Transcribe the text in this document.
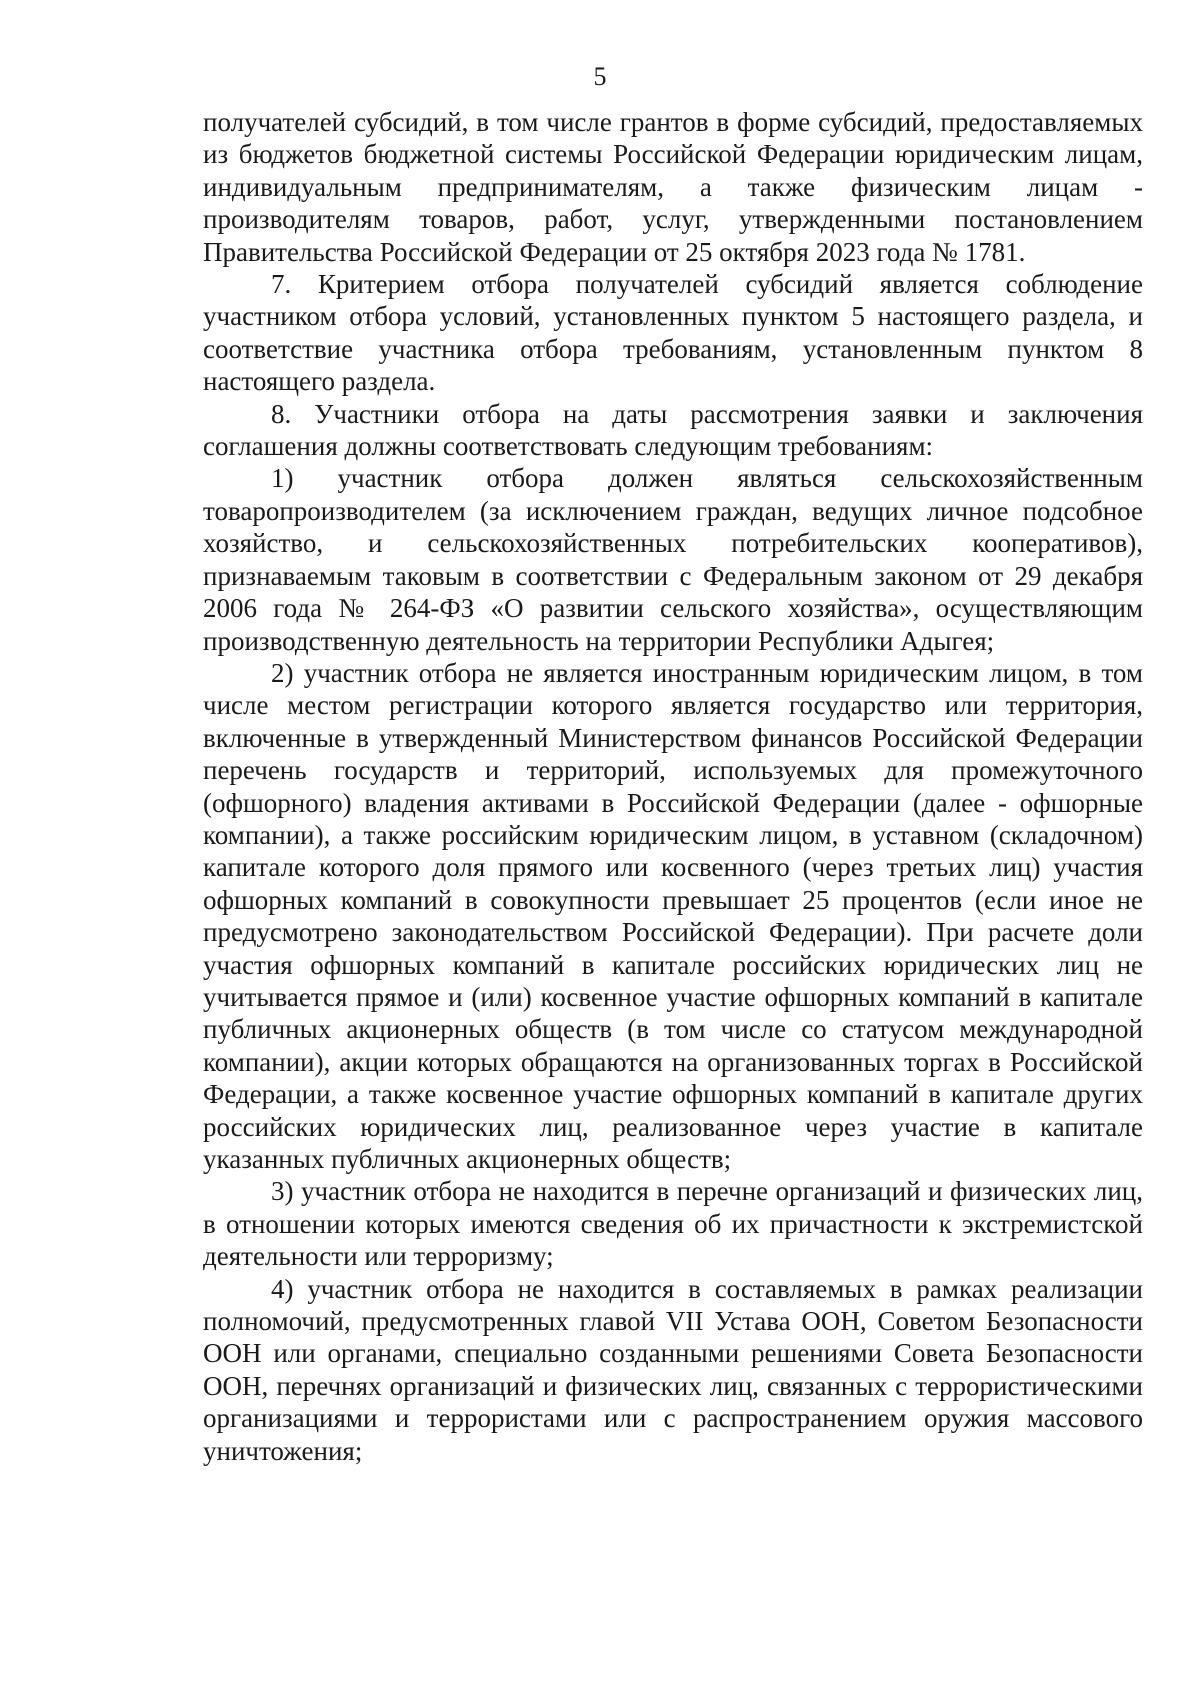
5

получателей субсидий, в том числе грантов в форме субсидий, предоставляемых из бюджетов бюджетной системы Российской Федерации юридическим лицам, индивидуальным предпринимателям, а также физическим лицам - производителям товаров, работ, услуг, утвержденными постановлением Правительства Российской Федерации от 25 октября 2023 года № 1781.

7. Критерием отбора получателей субсидий является соблюдение участником отбора условий, установленных пунктом 5 настоящего раздела, и соответствие участника отбора требованиям, установленным пунктом 8 настоящего раздела.

8. Участники отбора на даты рассмотрения заявки и заключения соглашения должны соответствовать следующим требованиям:

1) участник отбора должен являться сельскохозяйственным товаропроизводителем (за исключением граждан, ведущих личное подсобное хозяйство, и сельскохозяйственных потребительских кооперативов), признаваемым таковым в соответствии с Федеральным законом от 29 декабря 2006 года № 264-ФЗ «О развитии сельского хозяйства», осуществляющим производственную деятельность на территории Республики Адыгея;

2) участник отбора не является иностранным юридическим лицом, в том числе местом регистрации которого является государство или территория, включенные в утвержденный Министерством финансов Российской Федерации перечень государств и территорий, используемых для промежуточного (офшорного) владения активами в Российской Федерации (далее - офшорные компании), а также российским юридическим лицом, в уставном (складочном) капитале которого доля прямого или косвенного (через третьих лиц) участия офшорных компаний в совокупности превышает 25 процентов (если иное не предусмотрено законодательством Российской Федерации). При расчете доли участия офшорных компаний в капитале российских юридических лиц не учитывается прямое и (или) косвенное участие офшорных компаний в капитале публичных акционерных обществ (в том числе со статусом международной компании), акции которых обращаются на организованных торгах в Российской Федерации, а также косвенное участие офшорных компаний в капитале других российских юридических лиц, реализованное через участие в капитале указанных публичных акционерных обществ;

3) участник отбора не находится в перечне организаций и физических лиц, в отношении которых имеются сведения об их причастности к экстремистской деятельности или терроризму;

4) участник отбора не находится в составляемых в рамках реализации полномочий, предусмотренных главой VII Устава ООН, Советом Безопасности ООН или органами, специально созданными решениями Совета Безопасности ООН, перечнях организаций и физических лиц, связанных с террористическими организациями и террористами или с распространением оружия массового уничтожения;
